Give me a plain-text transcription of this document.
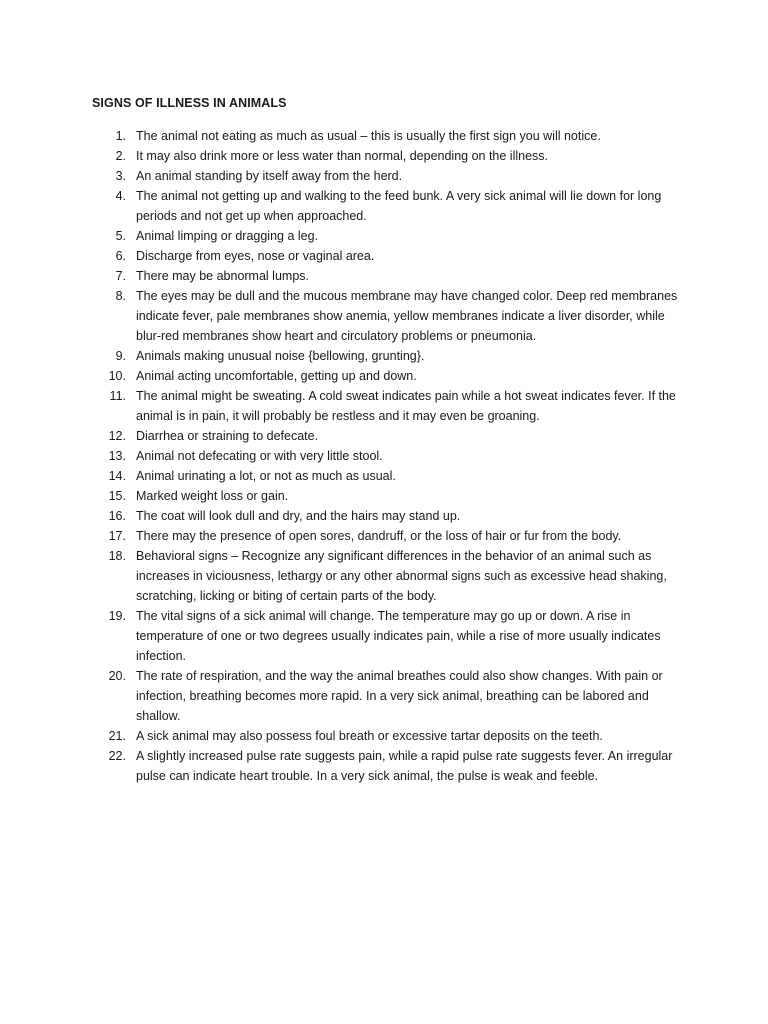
SIGNS OF ILLNESS IN ANIMALS
1. The animal not eating as much as usual – this is usually the first sign you will notice.
2. It may also drink more or less water than normal, depending on the illness.
3. An animal standing by itself away from the herd.
4. The animal not getting up and walking to the feed bunk. A very sick animal will lie down for long periods and not get up when approached.
5. Animal limping or dragging a leg.
6. Discharge from eyes, nose or vaginal area.
7. There may be abnormal lumps.
8. The eyes may be dull and the mucous membrane may have changed color. Deep red membranes indicate fever, pale membranes show anemia, yellow membranes indicate a liver disorder, while blur-red membranes show heart and circulatory problems or pneumonia.
9. Animals making unusual noise {bellowing, grunting}.
10. Animal acting uncomfortable, getting up and down.
11. The animal might be sweating. A cold sweat indicates pain while a hot sweat indicates fever. If the animal is in pain, it will probably be restless and it may even be groaning.
12. Diarrhea or straining to defecate.
13. Animal not defecating or with very little stool.
14. Animal urinating a lot, or not as much as usual.
15. Marked weight loss or gain.
16. The coat will look dull and dry, and the hairs may stand up.
17. There may the presence of open sores, dandruff, or the loss of hair or fur from the body.
18. Behavioral signs – Recognize any significant differences in the behavior of an animal such as increases in viciousness, lethargy or any other abnormal signs such as excessive head shaking, scratching, licking or biting of certain parts of the body.
19. The vital signs of a sick animal will change. The temperature may go up or down. A rise in temperature of one or two degrees usually indicates pain, while a rise of more usually indicates infection.
20. The rate of respiration, and the way the animal breathes could also show changes. With pain or infection, breathing becomes more rapid. In a very sick animal, breathing can be labored and shallow.
21. A sick animal may also possess foul breath or excessive tartar deposits on the teeth.
22. A slightly increased pulse rate suggests pain, while a rapid pulse rate suggests fever. An irregular pulse can indicate heart trouble. In a very sick animal, the pulse is weak and feeble.
